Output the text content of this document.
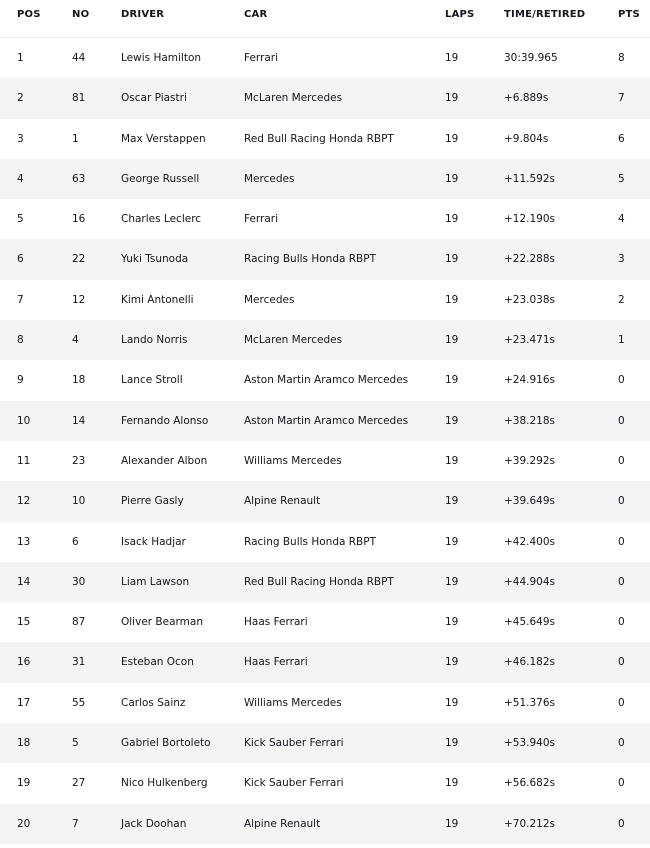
POS	NO	DRIVER	CAR	LAPS	TIME/RETIRED	PTS
1	44	Lewis Hamilton	Ferrari	19	30:39.965	8
2	81	Oscar Piastri	McLaren Mercedes	19	+6.889s	7
3	1	Max Verstappen	Red Bull Racing Honda RBPT	19	+9.804s	6
4	63	George Russell	Mercedes	19	+11.592s	5
5	16	Charles Leclerc	Ferrari	19	+12.190s	4
6	22	Yuki Tsunoda	Racing Bulls Honda RBPT	19	+22.288s	3
7	12	Kimi Antonelli	Mercedes	19	+23.038s	2
8	4	Lando Norris	McLaren Mercedes	19	+23.471s	1
9	18	Lance Stroll	Aston Martin Aramco Mercedes	19	+24.916s	0
10	14	Fernando Alonso	Aston Martin Aramco Mercedes	19	+38.218s	0
11	23	Alexander Albon	Williams Mercedes	19	+39.292s	0
12	10	Pierre Gasly	Alpine Renault	19	+39.649s	0
13	6	Isack Hadjar	Racing Bulls Honda RBPT	19	+42.400s	0
14	30	Liam Lawson	Red Bull Racing Honda RBPT	19	+44.904s	0
15	87	Oliver Bearman	Haas Ferrari	19	+45.649s	0
16	31	Esteban Ocon	Haas Ferrari	19	+46.182s	0
17	55	Carlos Sainz	Williams Mercedes	19	+51.376s	0
18	5	Gabriel Bortoleto	Kick Sauber Ferrari	19	+53.940s	0
19	27	Nico Hulkenberg	Kick Sauber Ferrari	19	+56.682s	0
20	7	Jack Doohan	Alpine Renault	19	+70.212s	0
